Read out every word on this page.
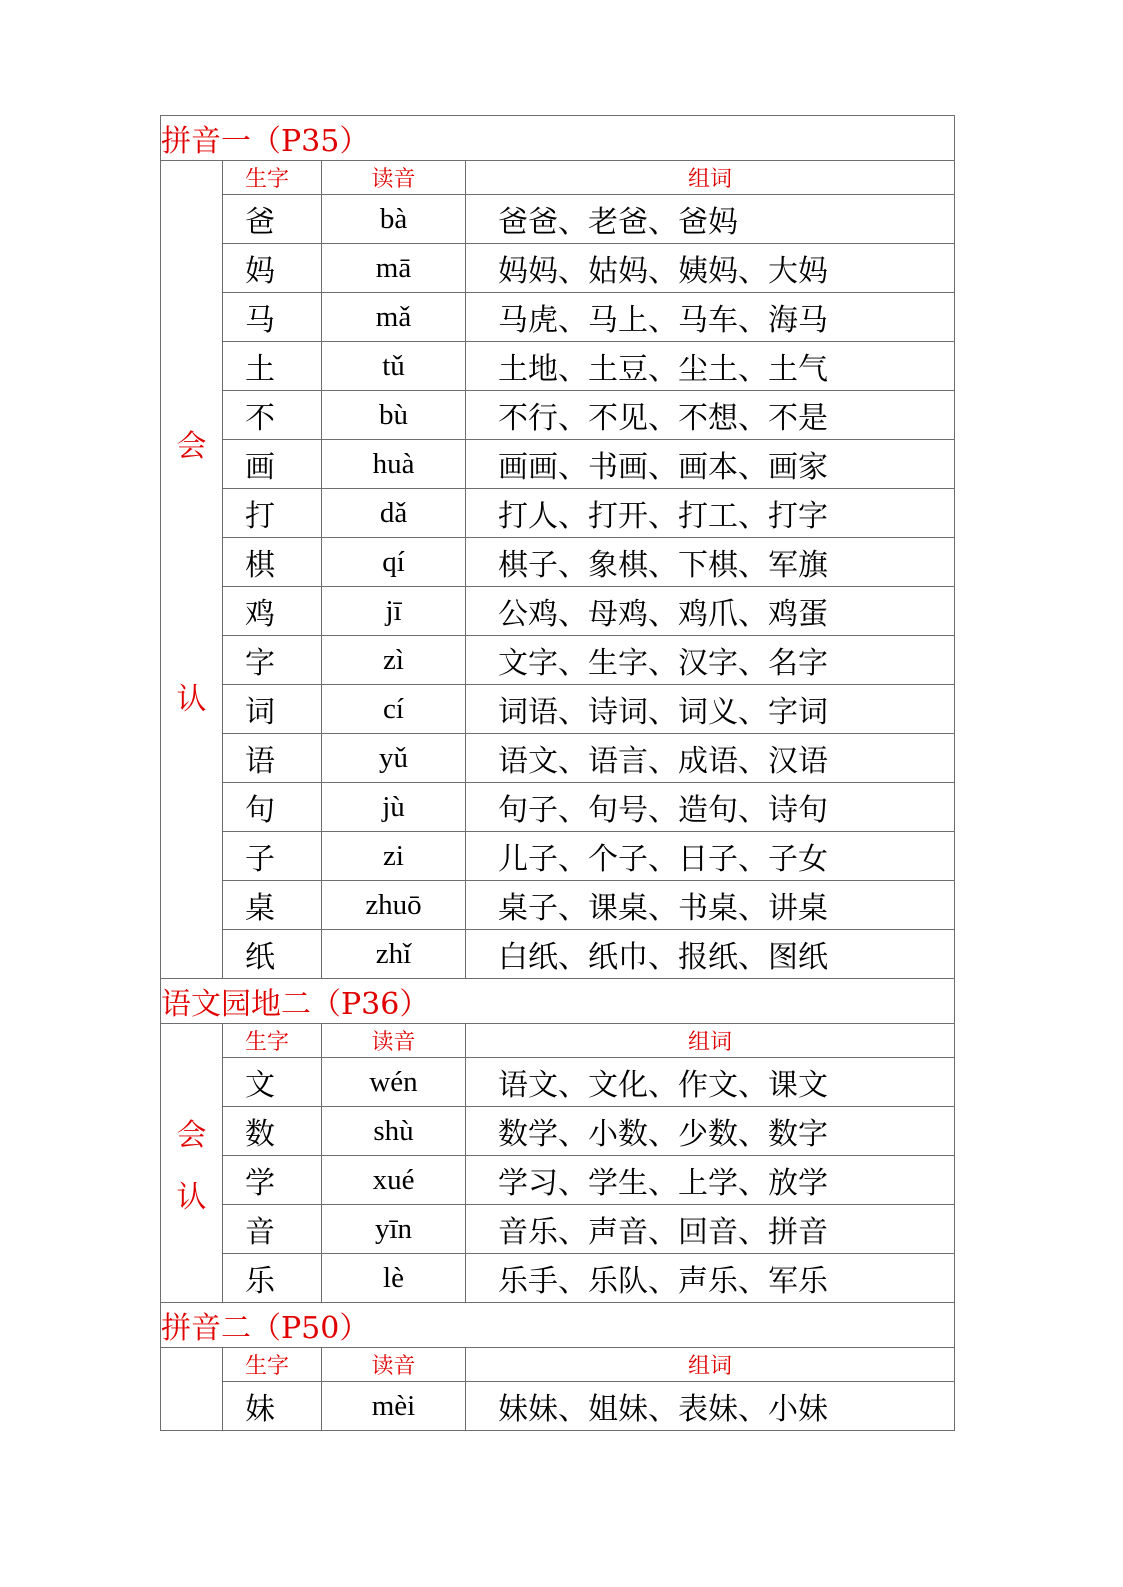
拼音一（P35）			

会
认	生字	读音	组词
	爸	bà	爸爸、老爸、爸妈
	妈	mā	妈妈、姑妈、姨妈、大妈
	马	mǎ	马虎、马上、马车、海马
	土	tǔ	土地、土豆、尘土、土气
	不	bù	不行、不见、不想、不是
	画	huà	画画、书画、画本、画家
	打	dǎ	打人、打开、打工、打字
	棋	qí	棋子、象棋、下棋、军旗
	鸡	jī	公鸡、母鸡、鸡爪、鸡蛋
	字	zì	文字、生字、汉字、名字
	词	cí	词语、诗词、词义、字词
	语	yǔ	语文、语言、成语、汉语
	句	jù	句子、句号、造句、诗句
	子	zi	儿子、个子、日子、子女
	桌	zhuō	桌子、课桌、书桌、讲桌
	纸	zhǐ	白纸、纸巾、报纸、图纸
语文园地二（P36）			

会
认	生字	读音	组词
	文	wén	语文、文化、作文、课文
	数	shù	数学、小数、少数、数字
	学	xué	学习、学生、上学、放学
	音	yīn	音乐、声音、回音、拼音
	乐	lè	乐手、乐队、声乐、军乐
拼音二（P50）			

	生字	读音	组词
	妹	mèi	妹妹、姐妹、表妹、小妹
